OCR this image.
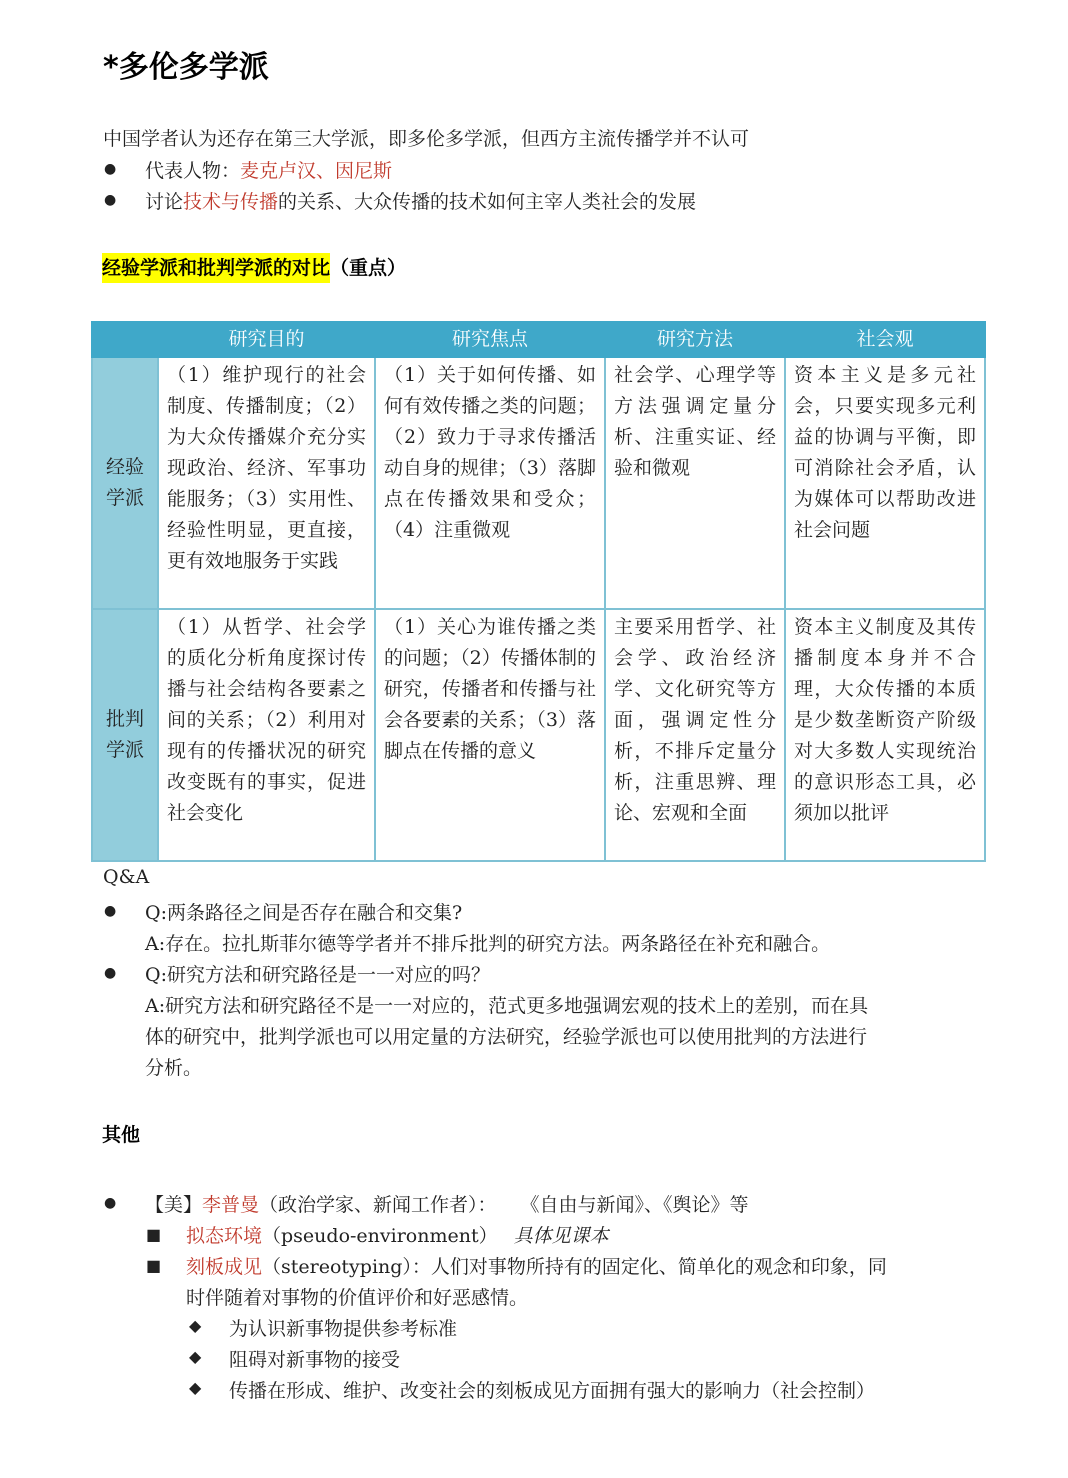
*多伦多学派
中国学者认为还存在第三大学派，即多伦多学派，但西方主流传播学并不认可
● 代表人物：麦克卢汉、因尼斯
● 讨论技术与传播的关系、大众传播的技术如何主宰人类社会的发展
经验学派和批判学派的对比（重点）
	研究目的	研究焦点	研究方法	社会观
经验学派	（1）维护现行的社会制度、传播制度；（2）为大众传播媒介充分实现政治、经济、军事功能服务；（3）实用性、经验性明显，更直接，更有效地服务于实践	（1）关于如何传播、如何有效传播之类的问题；（2）致力于寻求传播活动自身的规律；（3）落脚点在传播效果和受众；（4）注重微观	社会学、心理学等方法强调定量分析、注重实证、经验和微观	资本主义是多元社会，只要实现多元利益的协调与平衡，即可消除社会矛盾，认为媒体可以帮助改进社会问题
批判学派	（1）从哲学、社会学的质化分析角度探讨传播与社会结构各要素之间的关系；（2）利用对现有的传播状况的研究改变既有的事实，促进社会变化	（1）关心为谁传播之类的问题；（2）传播体制的研究，传播者和传播与社会各要素的关系；（3）落脚点在传播的意义	主要采用哲学、社会学、政治经济学、文化研究等方面，强调定性分析，不排斥定量分析，注重思辨、理论、宏观和全面	资本主义制度及其传播制度本身并不合理，大众传播的本质是少数垄断资产阶级对大多数人实现统治的意识形态工具，必须加以批评
Q&A
● Q:两条路径之间是否存在融合和交集?
A:存在。拉扎斯菲尔德等学者并不排斥批判的研究方法。两条路径在补充和融合。
● Q:研究方法和研究路径是一一对应的吗？
A:研究方法和研究路径不是一一对应的，范式更多地强调宏观的技术上的差别，而在具
体的研究中，批判学派也可以用定量的方法研究，经验学派也可以使用批判的方法进行
分析。
其他
● 【美】李普曼（政治学家、新闻工作者）： 《自由与新闻》、《舆论》等
■ 拟态环境（pseudo-environment） 具体见课本
■ 刻板成见（stereotyping）：人们对事物所持有的固定化、简单化的观念和印象，同
时伴随着对事物的价值评价和好恶感情。
◆ 为认识新事物提供参考标准
◆ 阻碍对新事物的接受
◆ 传播在形成、维护、改变社会的刻板成见方面拥有强大的影响力（社会控制）
